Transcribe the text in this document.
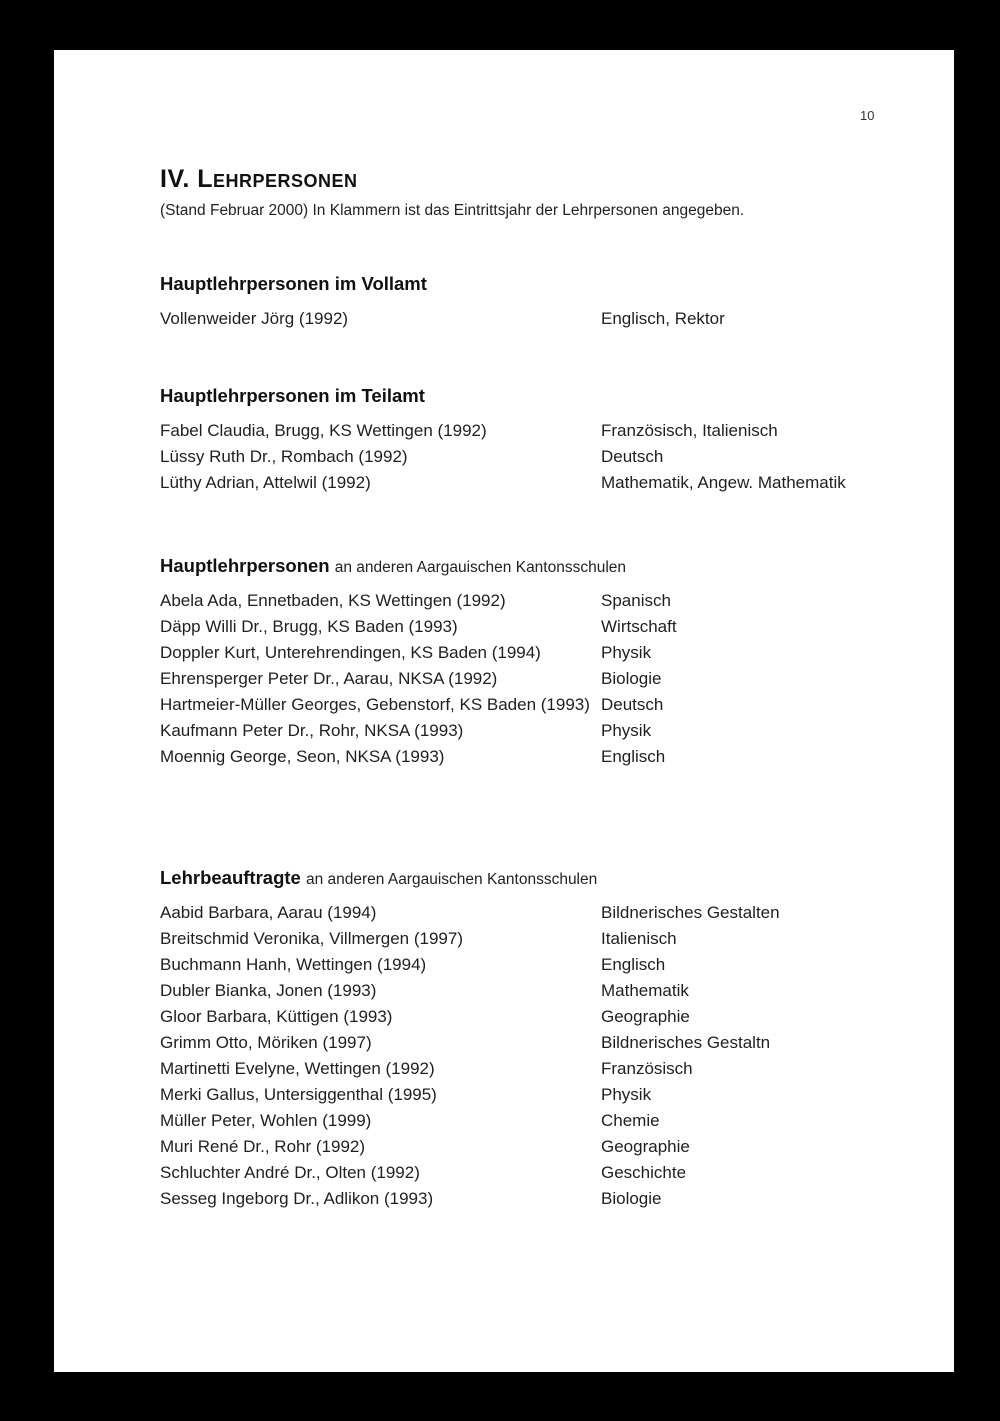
10
IV. Lehrpersonen
(Stand Februar 2000) In Klammern ist das Eintrittsjahr der Lehrpersonen angegeben.
Hauptlehrpersonen im Vollamt
Vollenweider Jörg (1992)	Englisch, Rektor
Hauptlehrpersonen im Teilamt
Fabel Claudia, Brugg, KS Wettingen (1992)	Französisch, Italienisch
Lüssy Ruth Dr., Rombach (1992)	Deutsch
Lüthy Adrian, Attelwil (1992)	Mathematik, Angew. Mathematik
Hauptlehrpersonen an anderen Aargauischen Kantonsschulen
Abela Ada, Ennetbaden, KS Wettingen (1992)	Spanisch
Däpp Willi Dr., Brugg, KS Baden (1993)	Wirtschaft
Doppler Kurt, Unterehrendingen, KS Baden (1994)	Physik
Ehrensperger Peter Dr., Aarau, NKSA (1992)	Biologie
Hartmeier-Müller Georges, Gebenstorf, KS Baden (1993) Deutsch
Kaufmann Peter Dr., Rohr, NKSA (1993)	Physik
Moennig George, Seon, NKSA (1993)	Englisch
Lehrbeauftragte an anderen Aargauischen Kantonsschulen
Aabid Barbara, Aarau (1994)	Bildnerisches Gestalten
Breitschmid Veronika, Villmergen (1997)	Italienisch
Buchmann Hanh, Wettingen (1994)	Englisch
Dubler Bianka, Jonen (1993)	Mathematik
Gloor Barbara, Küttigen (1993)	Geographie
Grimm Otto, Möriken (1997)	Bildnerisches Gestaltn
Martinetti Evelyne, Wettingen (1992)	Französisch
Merki Gallus, Untersiggenthal (1995)	Physik
Müller Peter, Wohlen (1999)	Chemie
Muri René Dr., Rohr (1992)	Geographie
Schluchter André Dr., Olten (1992)	Geschichte
Sesseg Ingeborg Dr., Adlikon (1993)	Biologie
